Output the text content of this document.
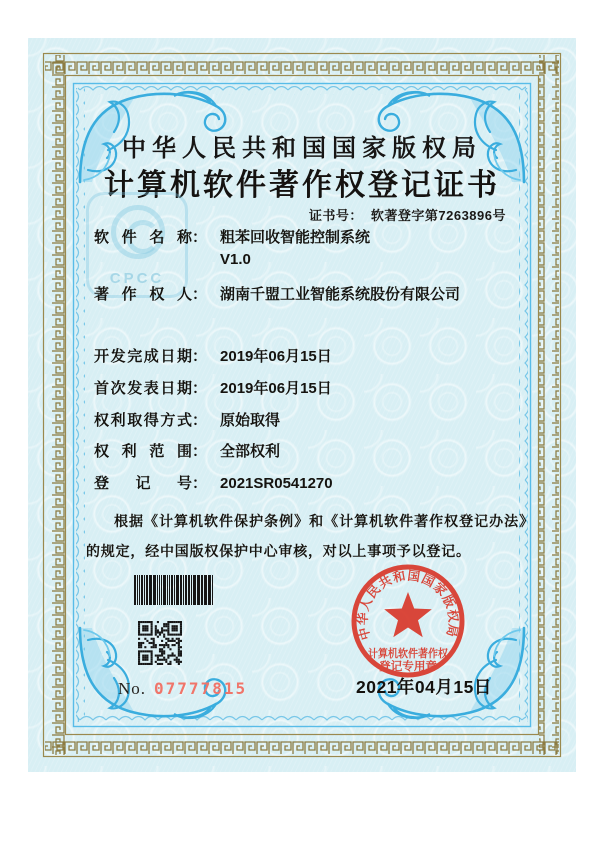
中华人民共和国国家版权局
计算机软件著作权登记证书
证书号： 软著登字第7263896号
CPCC
软件名称 ： 粗苯回收智能控制系统
V1.0
著作权人 ： 湖南千盟工业智能系统股份有限公司
开发完成日期 ： 2019年06月15日
首次发表日期 ： 2019年06月15日
权利取得方式 ： 原始取得
权利范围 ： 全部权利
登记号 ： 2021SR0541270
根据《计算机软件保护条例》和《计算机软件著作权登记办法》的规定，经中国版权保护中心审核，对以上事项予以登记。
No. 07777815
中华人民共和国国家版权局
计算机软件著作权
登记专用章
2021年04月15日
